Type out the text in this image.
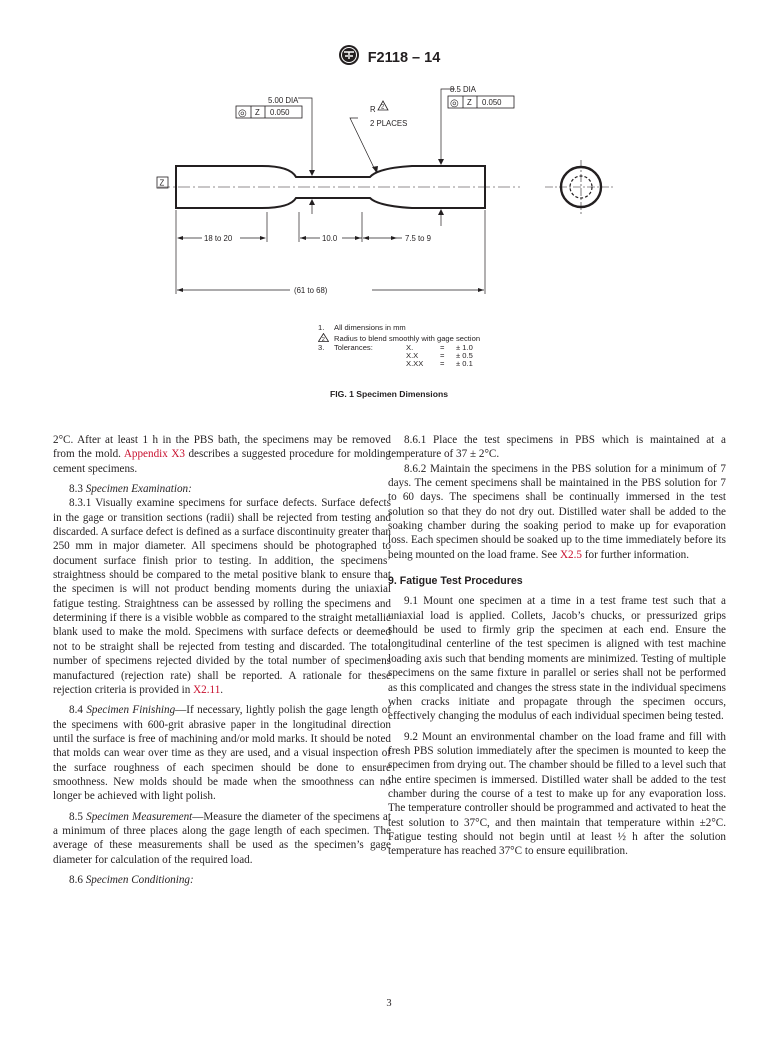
F2118 – 14
5.00 DIA
◎ Z 0.050
8.5 DIA
◎ Z 0.050
R 2
2 PLACES
Z
18 to 20	10.0	7.5 to 9
(61 to 68)
1. All dimensions in mm
2 Radius to blend smoothly with gage section
3. Tolerances:	X.	= ± 1.0
X.X	= ± 0.5
X.XX = ± 0.1
FIG. 1 Specimen Dimensions

2°C. After at least 1 h in the PBS bath, the specimens may be removed from the mold. Appendix X3 describes a suggested procedure for molding cement specimens.

8.3 Specimen Examination:

8.3.1 Visually examine specimens for surface defects. Surface defects in the gage or transition sections (radii) shall be rejected from testing and discarded. A surface defect is defined as a surface discontinuity greater than 250 mm in major diameter. All specimens should be photographed to document surface finish prior to testing. In addition, the specimens’ straightness should be compared to the metal positive blank to ensure that the specimen is will not product bending moments during the uniaxial fatigue testing. Straightness can be assessed by rolling the specimens and determining if there is a visible wobble as compared to the straight metallic blank used to make the mold. Specimens with surface defects or deemed not to be straight shall be rejected from testing and discarded. The total number of specimens rejected divided by the total number of specimens manufactured (rejection rate) shall be reported. A rationale for these rejection criteria is provided in X2.11.

8.4 Specimen Finishing—If necessary, lightly polish the gage length of the specimens with 600-grit abrasive paper in the longitudinal direction until the surface is free of machining and/or mold marks. It should be noted that molds can wear over time as they are used, and a visual inspection of the surface roughness of each specimen should be done to ensure smoothness. New molds should be made when the smoothness can no longer be achieved with light polish.

8.5 Specimen Measurement—Measure the diameter of the specimens at a minimum of three places along the gage length of each specimen. The average of these measurements shall be used as the specimen’s gage diameter for calculation of the required load.

8.6 Specimen Conditioning:

8.6.1 Place the test specimens in PBS which is maintained at a temperature of 37 ± 2°C.

8.6.2 Maintain the specimens in the PBS solution for a minimum of 7 days. The cement specimens shall be maintained in the PBS solution for 7 to 60 days. The specimens shall be continually immersed in the test solution so that they do not dry out. Distilled water shall be added to the soaking chamber during the soaking period to make up for evaporation loss. Each specimen should be soaked up to the time immediately before its being mounted on the load frame. See X2.5 for further information.

9. Fatigue Test Procedures

9.1 Mount one specimen at a time in a test frame test such that a uniaxial load is applied. Collets, Jacob’s chucks, or pressurized grips should be used to firmly grip the specimen at each end. Ensure the longitudinal centerline of the test specimen is aligned with test machine loading axis such that bending moments are minimized. Testing of multiple specimens on the same fixture in parallel or series shall not be performed as this complicated and changes the stress state in the individual specimens when cracks initiate and propagate through the specimen occurs, effectively changing the modulus of each individual specimen being tested.

9.2 Mount an environmental chamber on the load frame and fill with fresh PBS solution immediately after the specimen is mounted to keep the specimen from drying out. The chamber should be filled to a level such that the entire specimen is immersed. Distilled water shall be added to the test chamber during the course of a test to make up for any evaporation loss. The temperature controller should be programmed and activated to heat the test solution to 37°C, and then maintain that temperature within ±2°C. Fatigue testing should not begin until at least ½ h after the solution temperature has reached 37°C to ensure equilibration.

3
